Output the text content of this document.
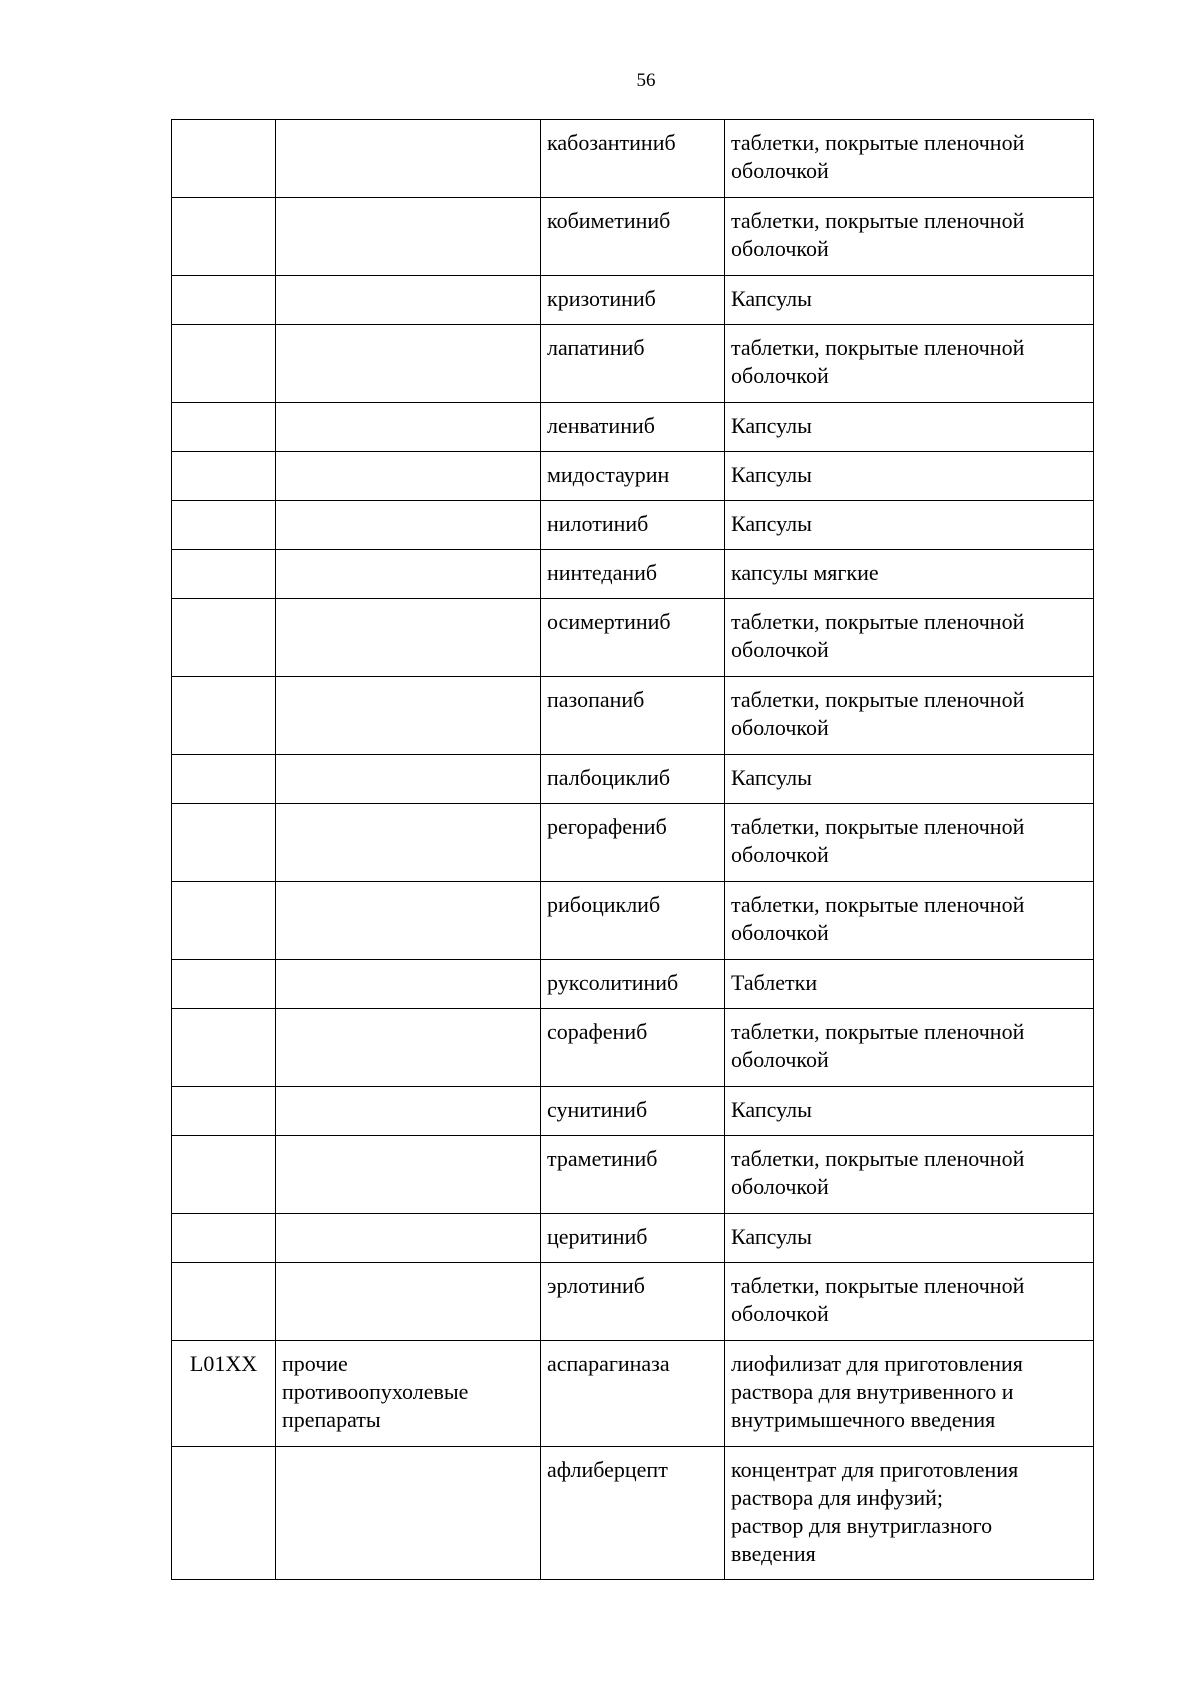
56
		кабозантиниб	таблетки, покрытые пленочной
оболочкой

		кобиметиниб	таблетки, покрытые пленочной
оболочкой

		кризотиниб	Капсулы

		лапатиниб	таблетки, покрытые пленочной
оболочкой

		ленватиниб	Капсулы

		мидостаурин	Капсулы

		нилотиниб	Капсулы

		нинтеданиб	капсулы мягкие

		осимертиниб	таблетки, покрытые пленочной
оболочкой

		пазопаниб	таблетки, покрытые пленочной
оболочкой

		палбоциклиб	Капсулы

		регорафениб	таблетки, покрытые пленочной
оболочкой

		рибоциклиб	таблетки, покрытые пленочной
оболочкой

		руксолитиниб	Таблетки

		сорафениб	таблетки, покрытые пленочной
оболочкой

		сунитиниб	Капсулы

		траметиниб	таблетки, покрытые пленочной
оболочкой

		церитиниб	Капсулы

		эрлотиниб	таблетки, покрытые пленочной
оболочкой

L01XX	прочие
противоопухолевые
препараты	аспарагиназа	лиофилизат для приготовления
раствора для внутривенного и
внутримышечного введения

		афлиберцепт	концентрат для приготовления
раствора для инфузий;
раствор для внутриглазного
введения
